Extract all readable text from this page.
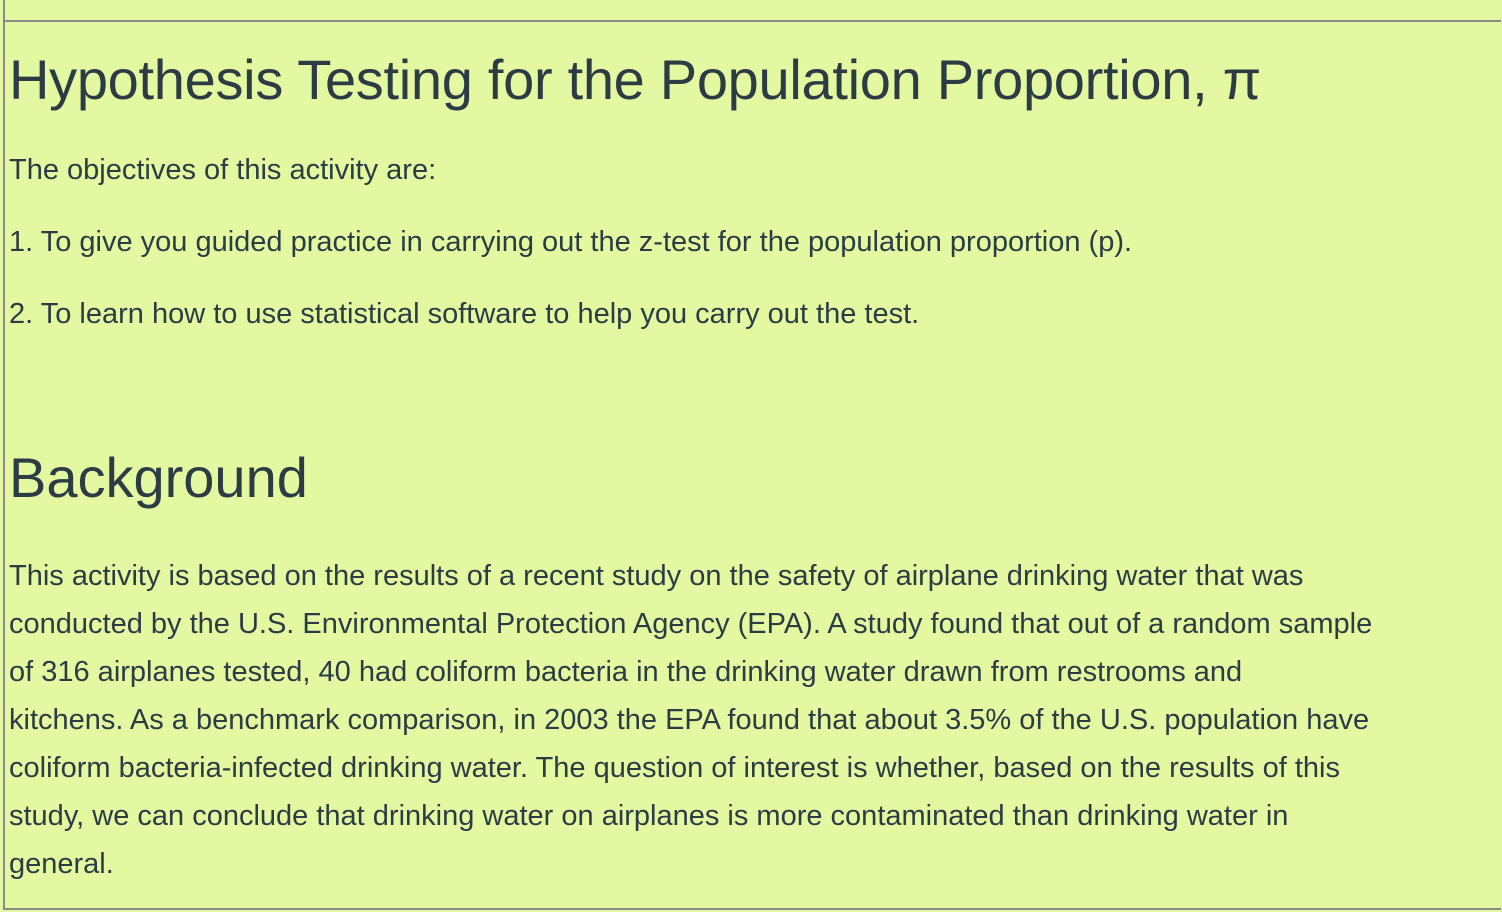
Hypothesis Testing for the Population Proportion, π

The objectives of this activity are:

1. To give you guided practice in carrying out the z-test for the population proportion (p).

2. To learn how to use statistical software to help you carry out the test.

Background

This activity is based on the results of a recent study on the safety of airplane drinking water that was
conducted by the U.S. Environmental Protection Agency (EPA). A study found that out of a random sample
of 316 airplanes tested, 40 had coliform bacteria in the drinking water drawn from restrooms and
kitchens. As a benchmark comparison, in 2003 the EPA found that about 3.5% of the U.S. population have
coliform bacteria-infected drinking water. The question of interest is whether, based on the results of this
study, we can conclude that drinking water on airplanes is more contaminated than drinking water in
general.
